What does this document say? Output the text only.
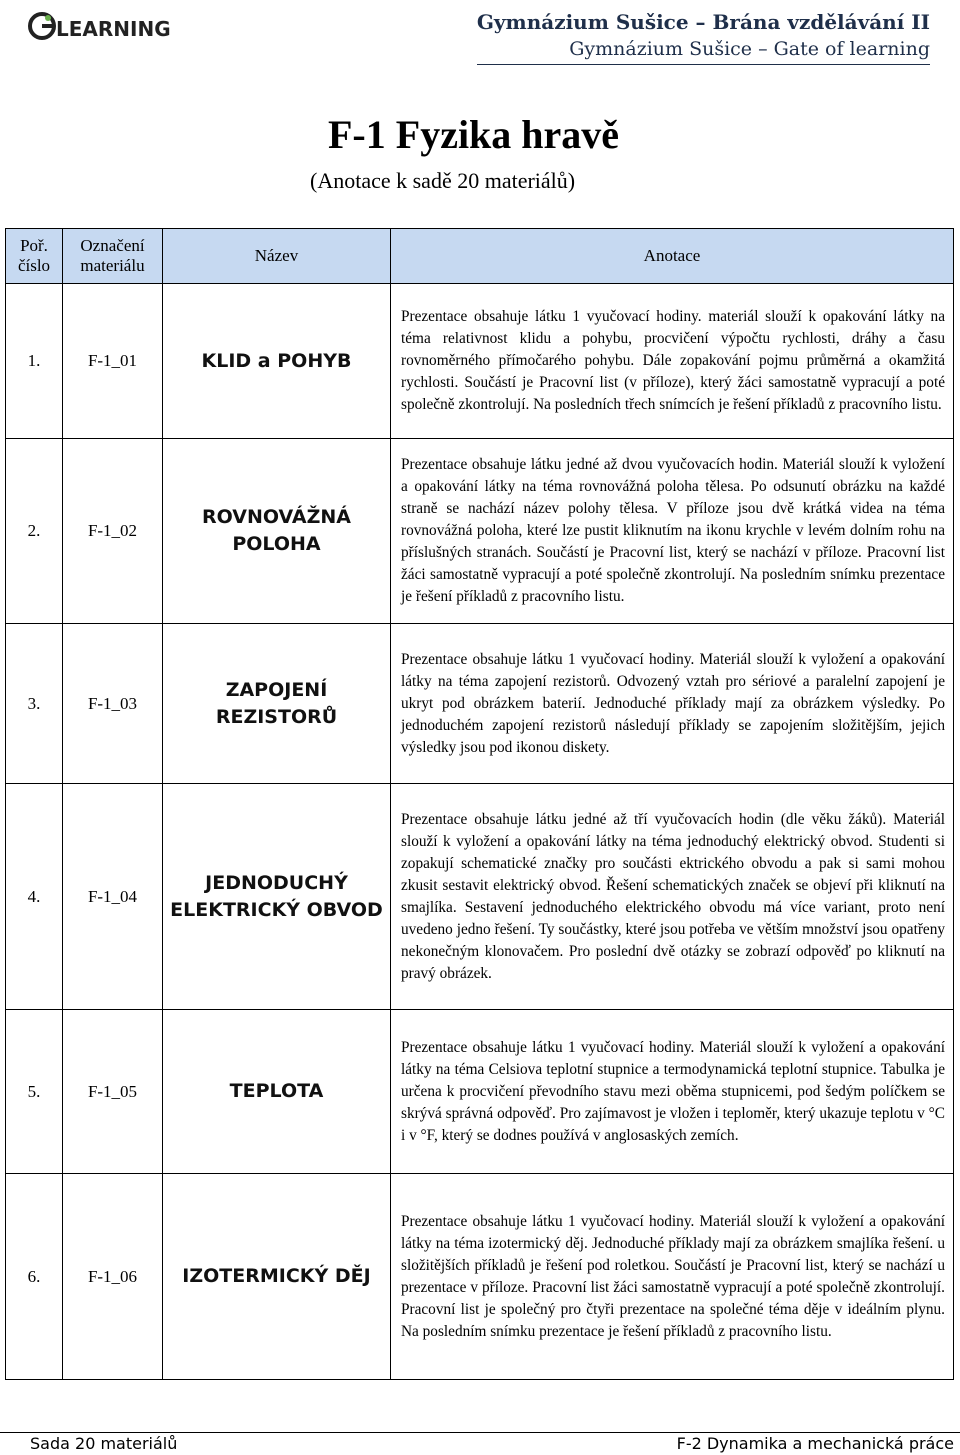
LEARNING	Gymnázium Sušice – Brána vzdělávání II
Gymnázium Sušice – Gate of learning
F-1 Fyzika hravě
(Anotace k sadě 20 materiálů)
Poř. číslo	Označení materiálu	Název	Anotace
1.	F-1_01	KLID a POHYB	Prezentace obsahuje látku 1 vyučovací hodiny. materiál slouží k opakování látky na téma relativnost klidu a pohybu, procvičení výpočtu rychlosti, dráhy a času rovnoměrného přímočarého pohybu. Dále zopakování pojmu průměrná a okamžitá rychlosti. Součástí je Pracovní list (v příloze), který žáci samostatně vypracují a poté společně zkontrolují. Na posledních třech snímcích je řešení příkladů z pracovního listu.
2.	F-1_02	ROVNOVÁŽNÁ POLOHA	Prezentace obsahuje látku jedné až dvou vyučovacích hodin. Materiál slouží k vyložení a opakování látky na téma rovnovážná poloha tělesa. Po odsunutí obrázku na každé straně se nachází název polohy tělesa. V příloze jsou dvě krátká videa na téma rovnovážná poloha, které lze pustit kliknutím na ikonu krychle v levém dolním rohu na příslušných stranách. Součástí je Pracovní list, který se nachází v příloze. Pracovní list žáci samostatně vypracují a poté společně zkontrolují. Na posledním snímku prezentace je řešení příkladů z pracovního listu.
3.	F-1_03	ZAPOJENÍ REZISTORŮ	Prezentace obsahuje látku 1 vyučovací hodiny. Materiál slouží k vyložení a opakování látky na téma zapojení rezistorů. Odvozený vztah pro sériové a paralelní zapojení je ukryt pod obrázkem baterií. Jednoduché příklady mají za obrázkem výsledky. Po jednoduchém zapojení rezistorů následují příklady se zapojením složitějším, jejich výsledky jsou pod ikonou diskety.
4.	F-1_04	JEDNODUCHÝ ELEKTRICKÝ OBVOD	Prezentace obsahuje látku jedné až tří vyučovacích hodin (dle věku žáků). Materiál slouží k vyložení a opakování látky na téma jednoduchý elektrický obvod. Studenti si zopakují schematické značky pro součásti ektrického obvodu a pak si sami mohou zkusit sestavit elektrický obvod. Řešení schematických značek se objeví při kliknutí na smajlíka. Sestavení jednoduchého elektrického obvodu má více variant, proto není uvedeno jedno řešení. Ty součástky, které jsou potřeba ve větším množství jsou opatřeny nekonečným klonovačem. Pro poslední dvě otázky se zobrazí odpověď po kliknutí na pravý obrázek.
5.	F-1_05	TEPLOTA	Prezentace obsahuje látku 1 vyučovací hodiny. Materiál slouží k vyložení a opakování látky na téma Celsiova teplotní stupnice a termodynamická teplotní stupnice. Tabulka je určena k procvičení převodního stavu mezi oběma stupnicemi, pod šedým políčkem se skrývá správná odpověď. Pro zajímavost je vložen i teploměr, který ukazuje teplotu v °C i v °F, který se dodnes používá v anglosaských zemích.
6.	F-1_06	IZOTERMICKÝ DĚJ	Prezentace obsahuje látku 1 vyučovací hodiny. Materiál slouží k vyložení a opakování látky na téma izotermický děj. Jednoduché příklady mají za obrázkem smajlíka řešení. u složitějších příkladů je řešení pod roletkou. Součástí je Pracovní list, který se nachází u prezentace v příloze. Pracovní list žáci samostatně vypracují a poté společně zkontrolují. Pracovní list je společný pro čtyři prezentace na společné téma děje v ideálním plynu. Na posledním snímku prezentace je řešení příkladů z pracovního listu.
Sada 20 materiálů	F-2 Dynamika a mechanická práce
